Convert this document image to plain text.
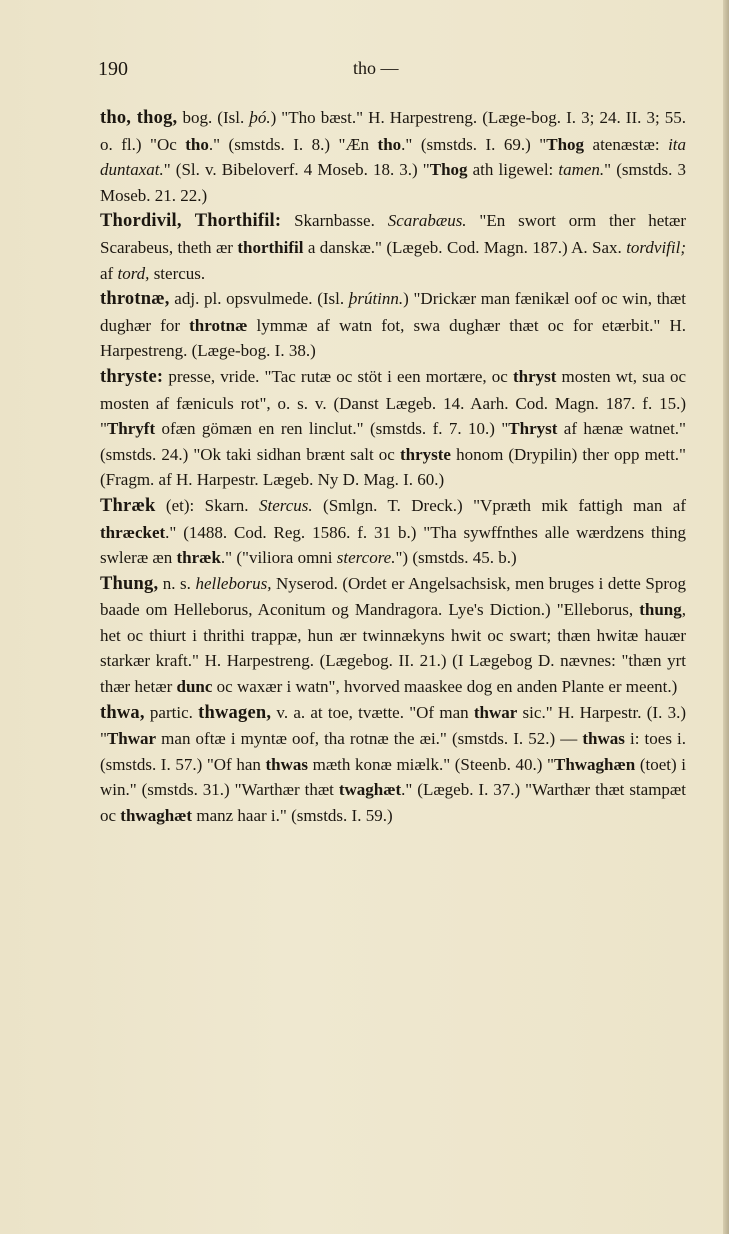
190	tho —

tho, thog, bog. (Isl. þó.) "Tho bæst." H. Harpestreng. (Læge-bog. I. 3; 24. II. 3; 55. o. fl.) "Oc tho." (smstds. I. 8.) "Æn tho." (smstds. I. 69.) "Thog atenæstæ: ita duntaxat." (Sl. v. Bibeloverf. 4 Moseb. 18. 3.) "Thog ath ligewel: tamen." (smstds. 3 Moseb. 21. 22.)

Thordivil, Thorthifil: Skarnbasse. Scarabæus. "En swort orm ther hetær Scarabeus, theth ær thorthifil a danskæ." (Lægeb. Cod. Magn. 187.) A. Sax. tordvifil; af tord, stercus.

throtnæ, adj. pl. opsvulmede. (Isl. þrútinn.) "Drickær man fænikæl oof oc win, thæt dughær for throtnæ lymmæ af watn fot, swa dughær thæt oc for etærbit." H. Harpestreng. (Læge-bog. I. 38.)

thryste: presse, vride. "Tac rutæ oc stöt i een mortære, oc thryst mosten wt, sua oc mosten af fæniculs rot", o. s. v. (Danst Lægeb. 14. Aarh. Cod. Magn. 187. f. 15.) "Thryft ofæn gömæn en ren linclut." (smstds. f. 7. 10.) "Thryst af hænæ watnet." (smstds. 24.) "Ok taki sidhan brænt salt oc thryste honom (Drypilin) ther opp mett." (Fragm. af H. Harpestr. Lægeb. Ny D. Mag. I. 60.)

Thræk (et): Skarn. Stercus. (Smlgn. T. Dreck.) "Vpræth mik fattigh man af thræcket." (1488. Cod. Reg. 1586. f. 31 b.) "Tha sywffnthes alle wærdzens thing swleræ æn thræk." ("viliora omni stercore.") (smstds. 45. b.)

Thung, n. s. helleborus, Nyserod. (Ordet er Angelsachsisk, men bruges i dette Sprog baade om Helleborus, Aconitum og Mandragora. Lye's Diction.) "Elleborus, thung, het oc thiurt i thrithi trappæ, hun ær twinnækyns hwit oc swart; thæn hwitæ hauær starkær kraft." H. Harpestreng. (Lægebog. II. 21.) (I Lægebog D. nævnes: "thæn yrt thær hetær dunc oc waxær i watn", hvorved maaskee dog en anden Plante er meent.)

thwa, partic. thwagen, v. a. at toe, tvætte. "Of man thwar sic." H. Harpestr. (I. 3.) "Thwar man oftæ i myntæ oof, tha rotnæ the æi." (smstds. I. 52.) — thwas i: toes i. (smstds. I. 57.) "Of han thwas mæth konæ miælk." (Steenb. 40.) "Thwaghæn (toet) i win." (smstds. 31.) "Warthær thæt twaghæt." (Lægeb. I. 37.) "Warthær thæt stampæt oc thwaghæt manz haar i." (smstds. I. 59.)
